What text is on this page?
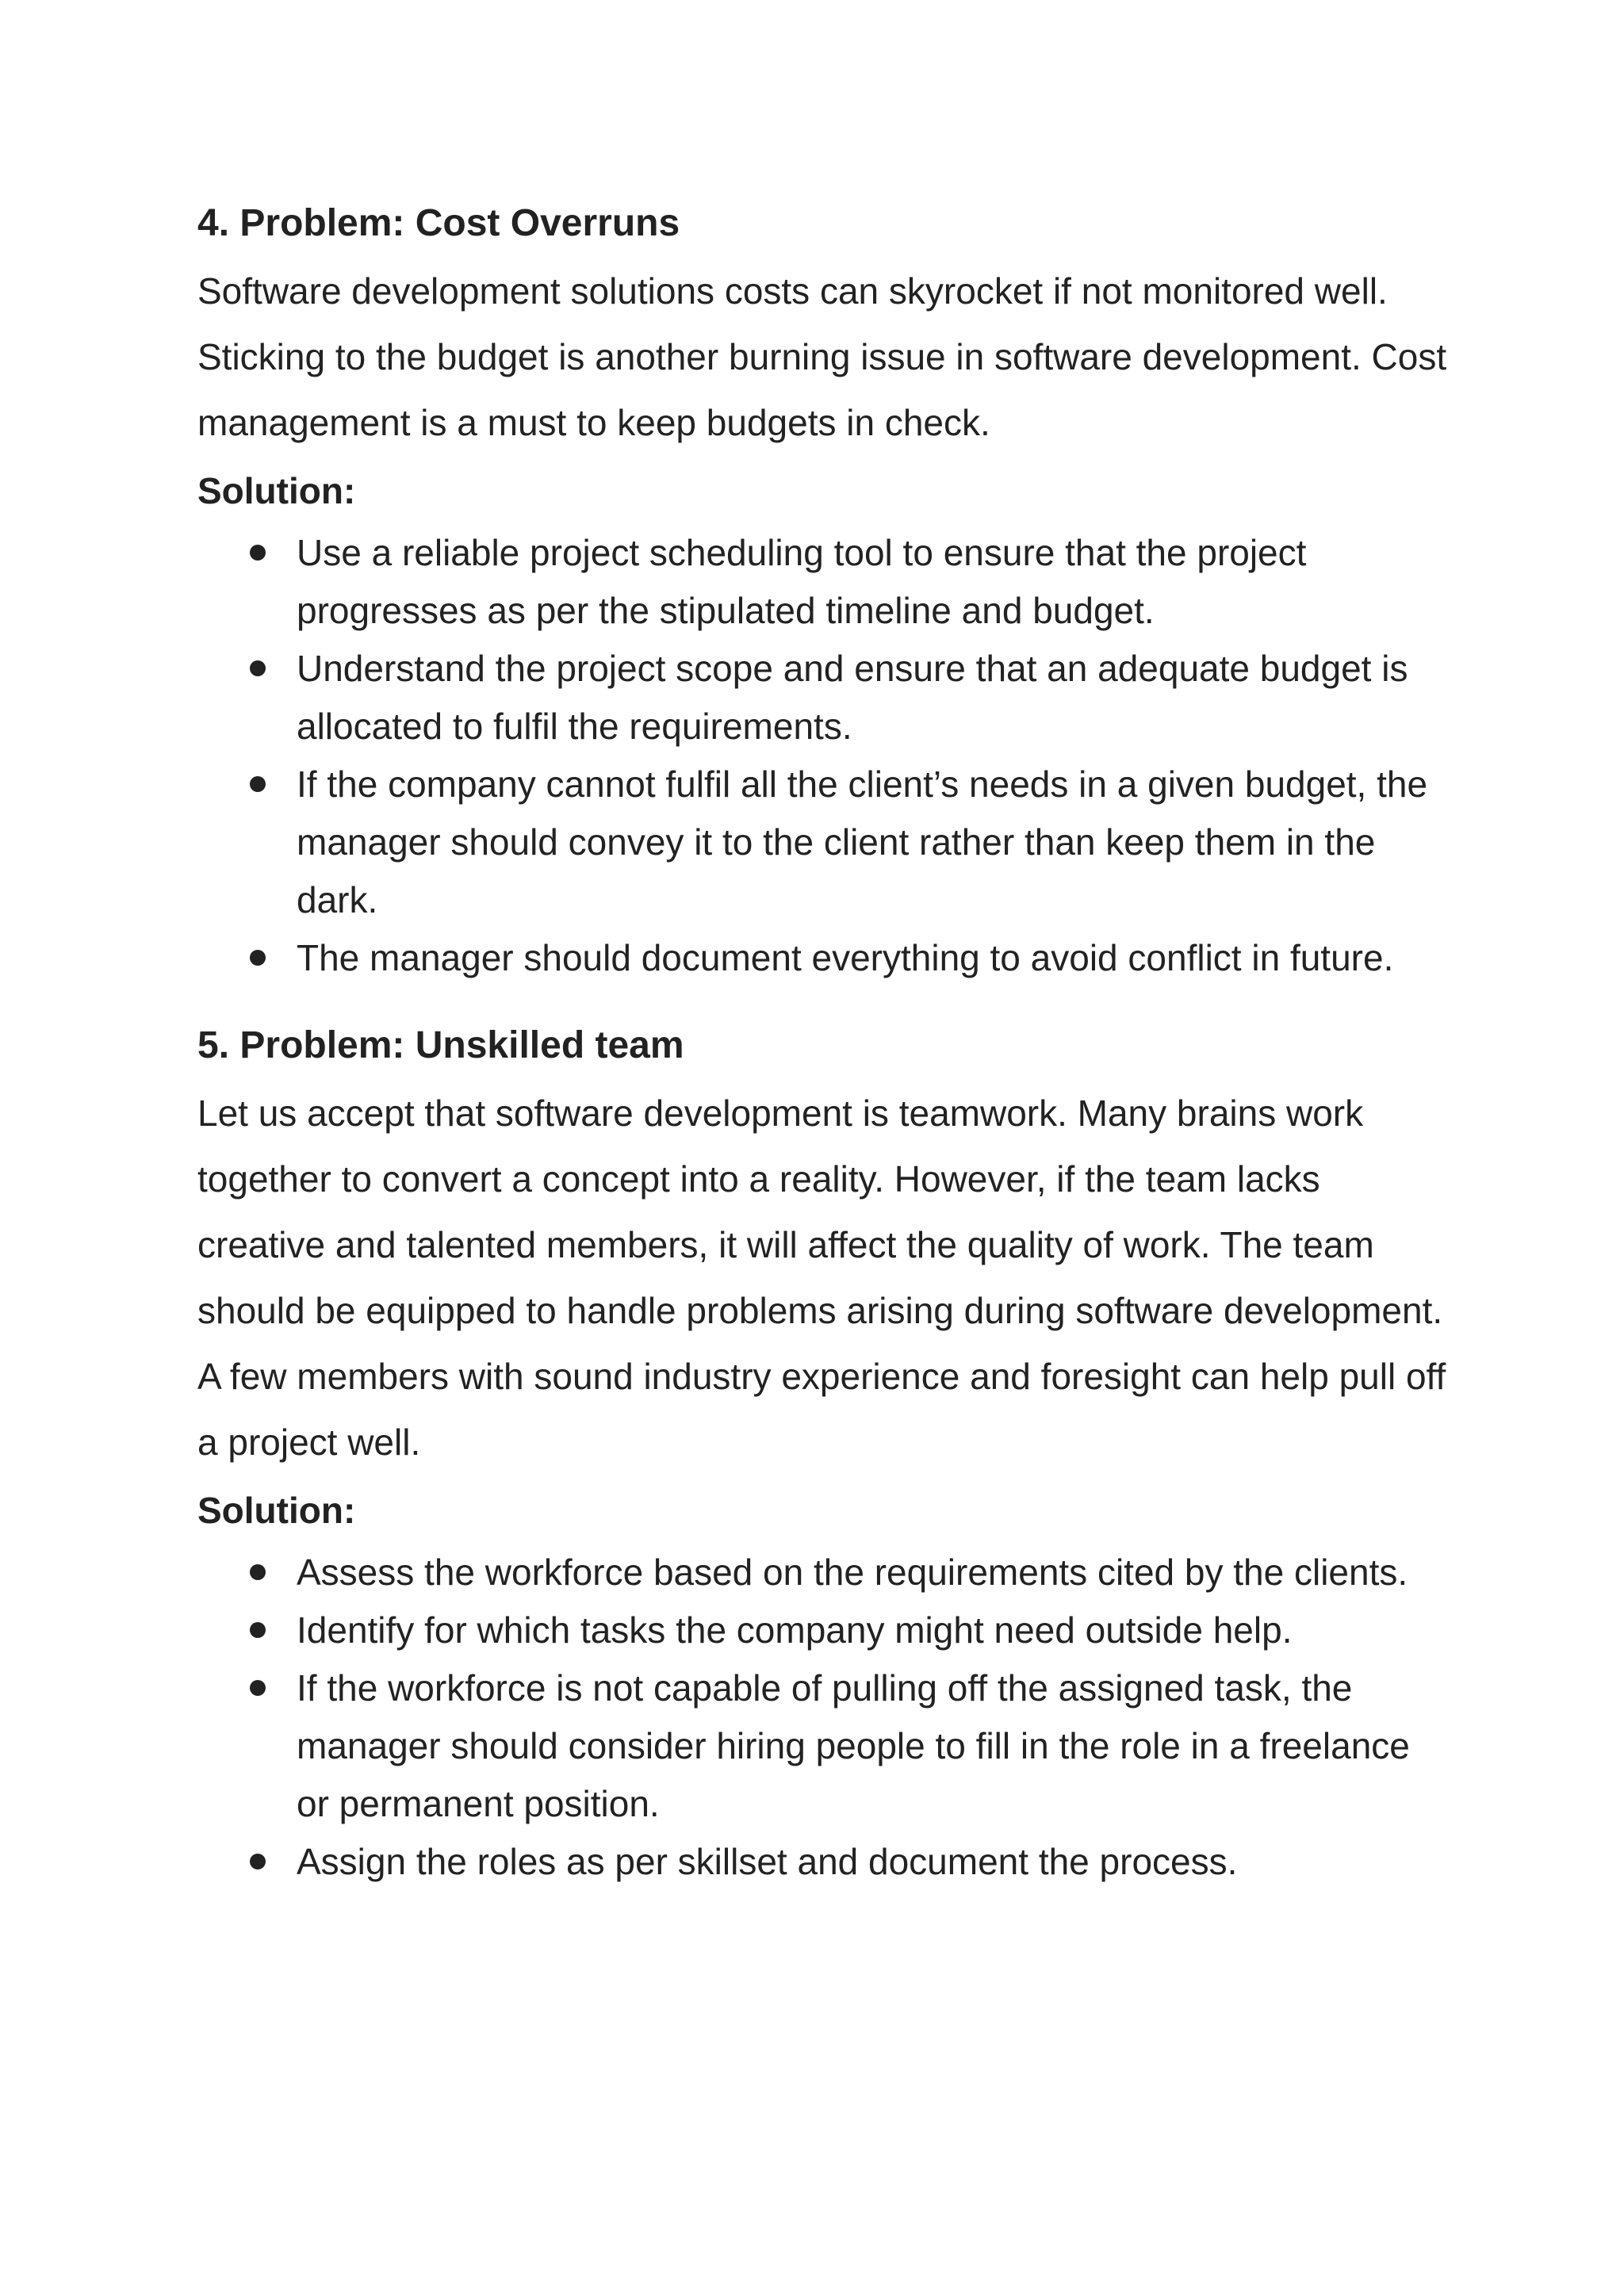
4. Problem: Cost Overruns

Software development solutions costs can skyrocket if not monitored well. Sticking to the budget is another burning issue in software development. Cost management is a must to keep budgets in check.

Solution:
Use a reliable project scheduling tool to ensure that the project progresses as per the stipulated timeline and budget.
Understand the project scope and ensure that an adequate budget is allocated to fulfil the requirements.
If the company cannot fulfil all the client’s needs in a given budget, the manager should convey it to the client rather than keep them in the dark.
The manager should document everything to avoid conflict in future.
5. Problem: Unskilled team

Let us accept that software development is teamwork. Many brains work together to convert a concept into a reality. However, if the team lacks creative and talented members, it will affect the quality of work. The team should be equipped to handle problems arising during software development. A few members with sound industry experience and foresight can help pull off a project well.

Solution:
Assess the workforce based on the requirements cited by the clients.
Identify for which tasks the company might need outside help.
If the workforce is not capable of pulling off the assigned task, the manager should consider hiring people to fill in the role in a freelance or permanent position.
Assign the roles as per skillset and document the process.
